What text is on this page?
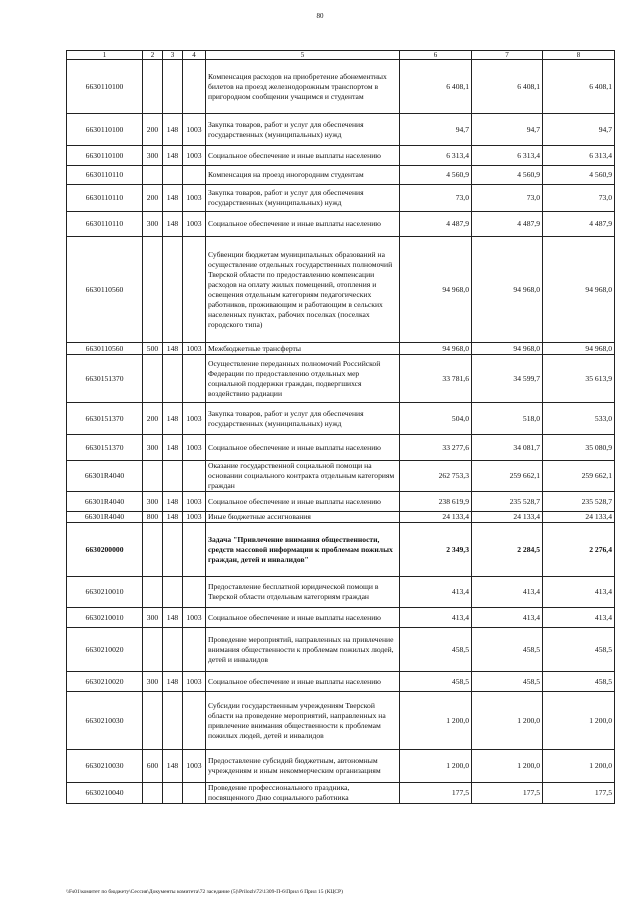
80
1	2	3	4	5	6	7	8
6630110100				Компенсация расходов на приобретение абонементных билетов на проезд железнодорожным транспортом в пригородном сообщении учащимся и студентам	6 408,1	6 408,1	6 408,1
6630110100	200	148	1003	Закупка товаров, работ и услуг для обеспечения государственных (муниципальных) нужд	94,7	94,7	94,7
6630110100	300	148	1003	Социальное обеспечение и иные выплаты населению	6 313,4	6 313,4	6 313,4
6630110110				Компенсация на проезд иногородним студентам	4 560,9	4 560,9	4 560,9
6630110110	200	148	1003	Закупка товаров, работ и услуг для обеспечения государственных (муниципальных) нужд	73,0	73,0	73,0
6630110110	300	148	1003	Социальное обеспечение и иные выплаты населению	4 487,9	4 487,9	4 487,9
6630110560				Субвенции бюджетам муниципальных образований на осуществление отдельных государственных полномочий Тверской области по предоставлению компенсации расходов на оплату жилых помещений, отопления и освещения отдельным категориям педагогических работников, проживающим и работающим в сельских населенных пунктах, рабочих поселках (поселках городского типа)	94 968,0	94 968,0	94 968,0
6630110560	500	148	1003	Межбюджетные трансферты	94 968,0	94 968,0	94 968,0
6630151370				Осуществление переданных полномочий Российской Федерации по предоставлению отдельных мер социальной поддержки граждан, подвергшихся воздействию радиации	33 781,6	34 599,7	35 613,9
6630151370	200	148	1003	Закупка товаров, работ и услуг для обеспечения государственных (муниципальных) нужд	504,0	518,0	533,0
6630151370	300	148	1003	Социальное обеспечение и иные выплаты населению	33 277,6	34 081,7	35 080,9
66301R4040				Оказание государственной социальной помощи на основании социального контракта отдельным категориям граждан	262 753,3	259 662,1	259 662,1
66301R4040	300	148	1003	Социальное обеспечение и иные выплаты населению	238 619,9	235 528,7	235 528,7
66301R4040	800	148	1003	Иные бюджетные ассигнования	24 133,4	24 133,4	24 133,4
6630200000				Задача "Привлечение внимания общественности, средств массовой информации к проблемам пожилых граждан, детей и инвалидов"	2 349,3	2 284,5	2 276,4
6630210010				Предоставление бесплатной юридической помощи в Тверской области отдельным категориям граждан	413,4	413,4	413,4
6630210010	300	148	1003	Социальное обеспечение и иные выплаты населению	413,4	413,4	413,4
6630210020				Проведение мероприятий, направленных на привлечение внимания общественности к проблемам пожилых людей, детей и инвалидов	458,5	458,5	458,5
6630210020	300	148	1003	Социальное обеспечение и иные выплаты населению	458,5	458,5	458,5
6630210030				Субсидии государственным учреждениям Тверской области на проведение мероприятий, направленных на привлечение внимания общественности к проблемам пожилых людей, детей и инвалидов	1 200,0	1 200,0	1 200,0
6630210030	600	148	1003	Предоставление субсидий бюджетным, автономным учреждениям и иным некоммерческим организациям	1 200,0	1 200,0	1 200,0
6630210040				Проведение профессионального праздника, посвященного Дню социального работника	177,5	177,5	177,5
\\Fs01\комитет по бюджету\Сессия\Документы комитета\72 заседание (5)\Prilozh\72\1309-П-6\Прил 6 Прил 15 (КЦСР)
